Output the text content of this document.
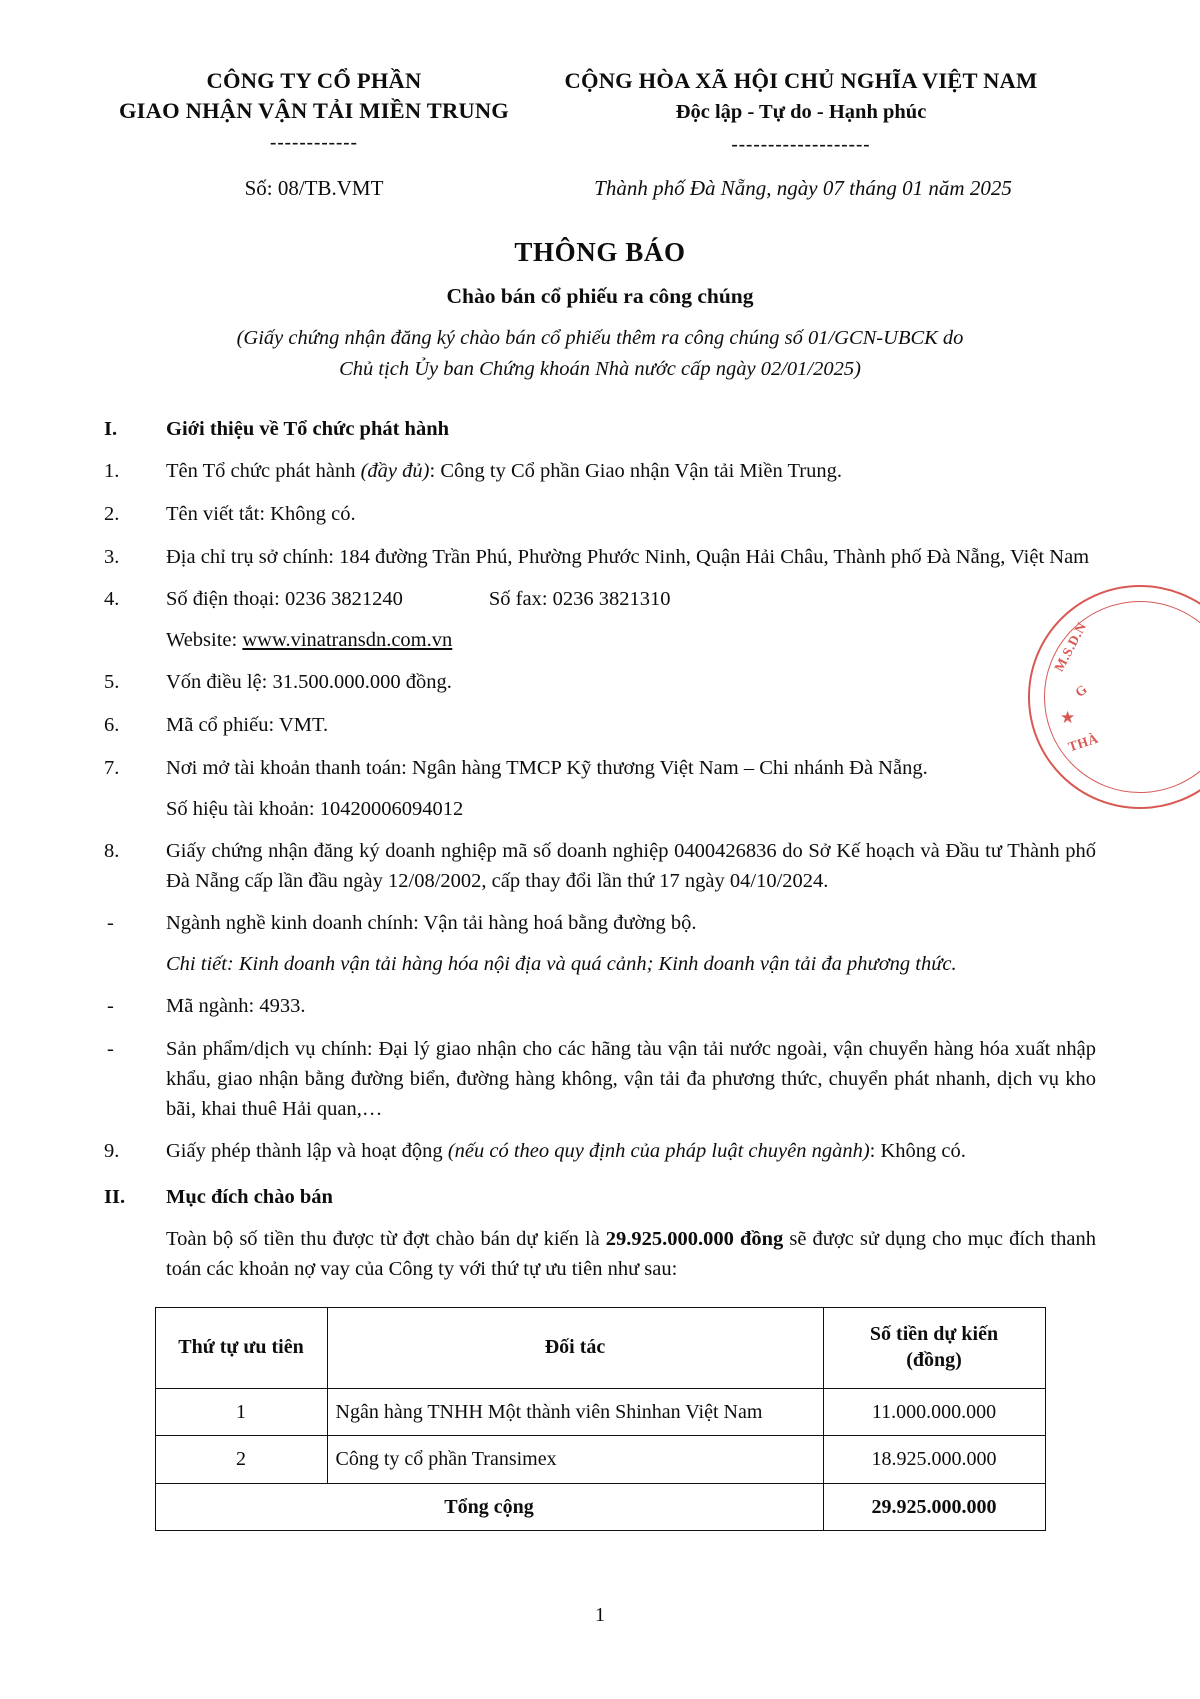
CÔNG TY CỔ PHẦN
GIAO NHẬN VẬN TẢI MIỀN TRUNG
------------
CỘNG HÒA XÃ HỘI CHỦ NGHĨA VIỆT NAM
Độc lập - Tự do - Hạnh phúc
-------------------
Số: 08/TB.VMT	Thành phố Đà Nẵng, ngày 07 tháng 01 năm 2025
THÔNG BÁO
Chào bán cổ phiếu ra công chúng
(Giấy chứng nhận đăng ký chào bán cổ phiếu thêm ra công chúng số 01/GCN-UBCK do
Chủ tịch Ủy ban Chứng khoán Nhà nước cấp ngày 02/01/2025)
I.	Giới thiệu về Tổ chức phát hành
1.	Tên Tổ chức phát hành (đầy đủ): Công ty Cổ phần Giao nhận Vận tải Miền Trung.
2.	Tên viết tắt: Không có.
3.	Địa chỉ trụ sở chính: 184 đường Trần Phú, Phường Phước Ninh, Quận Hải Châu, Thành phố Đà Nẵng, Việt Nam
4.	Số điện thoại: 0236 3821240	Số fax: 0236 3821310
Website: www.vinatransdn.com.vn
5.	Vốn điều lệ: 31.500.000.000 đồng.
6.	Mã cổ phiếu: VMT.
7.	Nơi mở tài khoản thanh toán: Ngân hàng TMCP Kỹ thương Việt Nam – Chi nhánh Đà Nẵng.
Số hiệu tài khoản: 10420006094012
8.	Giấy chứng nhận đăng ký doanh nghiệp mã số doanh nghiệp 0400426836 do Sở Kế hoạch và Đầu tư Thành phố Đà Nẵng cấp lần đầu ngày 12/08/2002, cấp thay đổi lần thứ 17 ngày 04/10/2024.
-	Ngành nghề kinh doanh chính: Vận tải hàng hoá bằng đường bộ.
Chi tiết: Kinh doanh vận tải hàng hóa nội địa và quá cảnh; Kinh doanh vận tải đa phương thức.
-	Mã ngành: 4933.
-	Sản phẩm/dịch vụ chính: Đại lý giao nhận cho các hãng tàu vận tải nước ngoài, vận chuyển hàng hóa xuất nhập khẩu, giao nhận bằng đường biển, đường hàng không, vận tải đa phương thức, chuyển phát nhanh, dịch vụ kho bãi, khai thuê Hải quan,…
9.	Giấy phép thành lập và hoạt động (nếu có theo quy định của pháp luật chuyên ngành): Không có.
II.	Mục đích chào bán
Toàn bộ số tiền thu được từ đợt chào bán dự kiến là 29.925.000.000 đồng sẽ được sử dụng cho mục đích thanh toán các khoản nợ vay của Công ty với thứ tự ưu tiên như sau:
Thứ tự ưu tiên	Đối tác	Số tiền dự kiến
(đồng)

1	Ngân hàng TNHH Một thành viên Shinhan Việt Nam	11.000.000.000
2	Công ty cổ phần Transimex	18.925.000.000
Tổng cộng		29.925.000.000
★
M.S.D.N
G
THÀ
1
